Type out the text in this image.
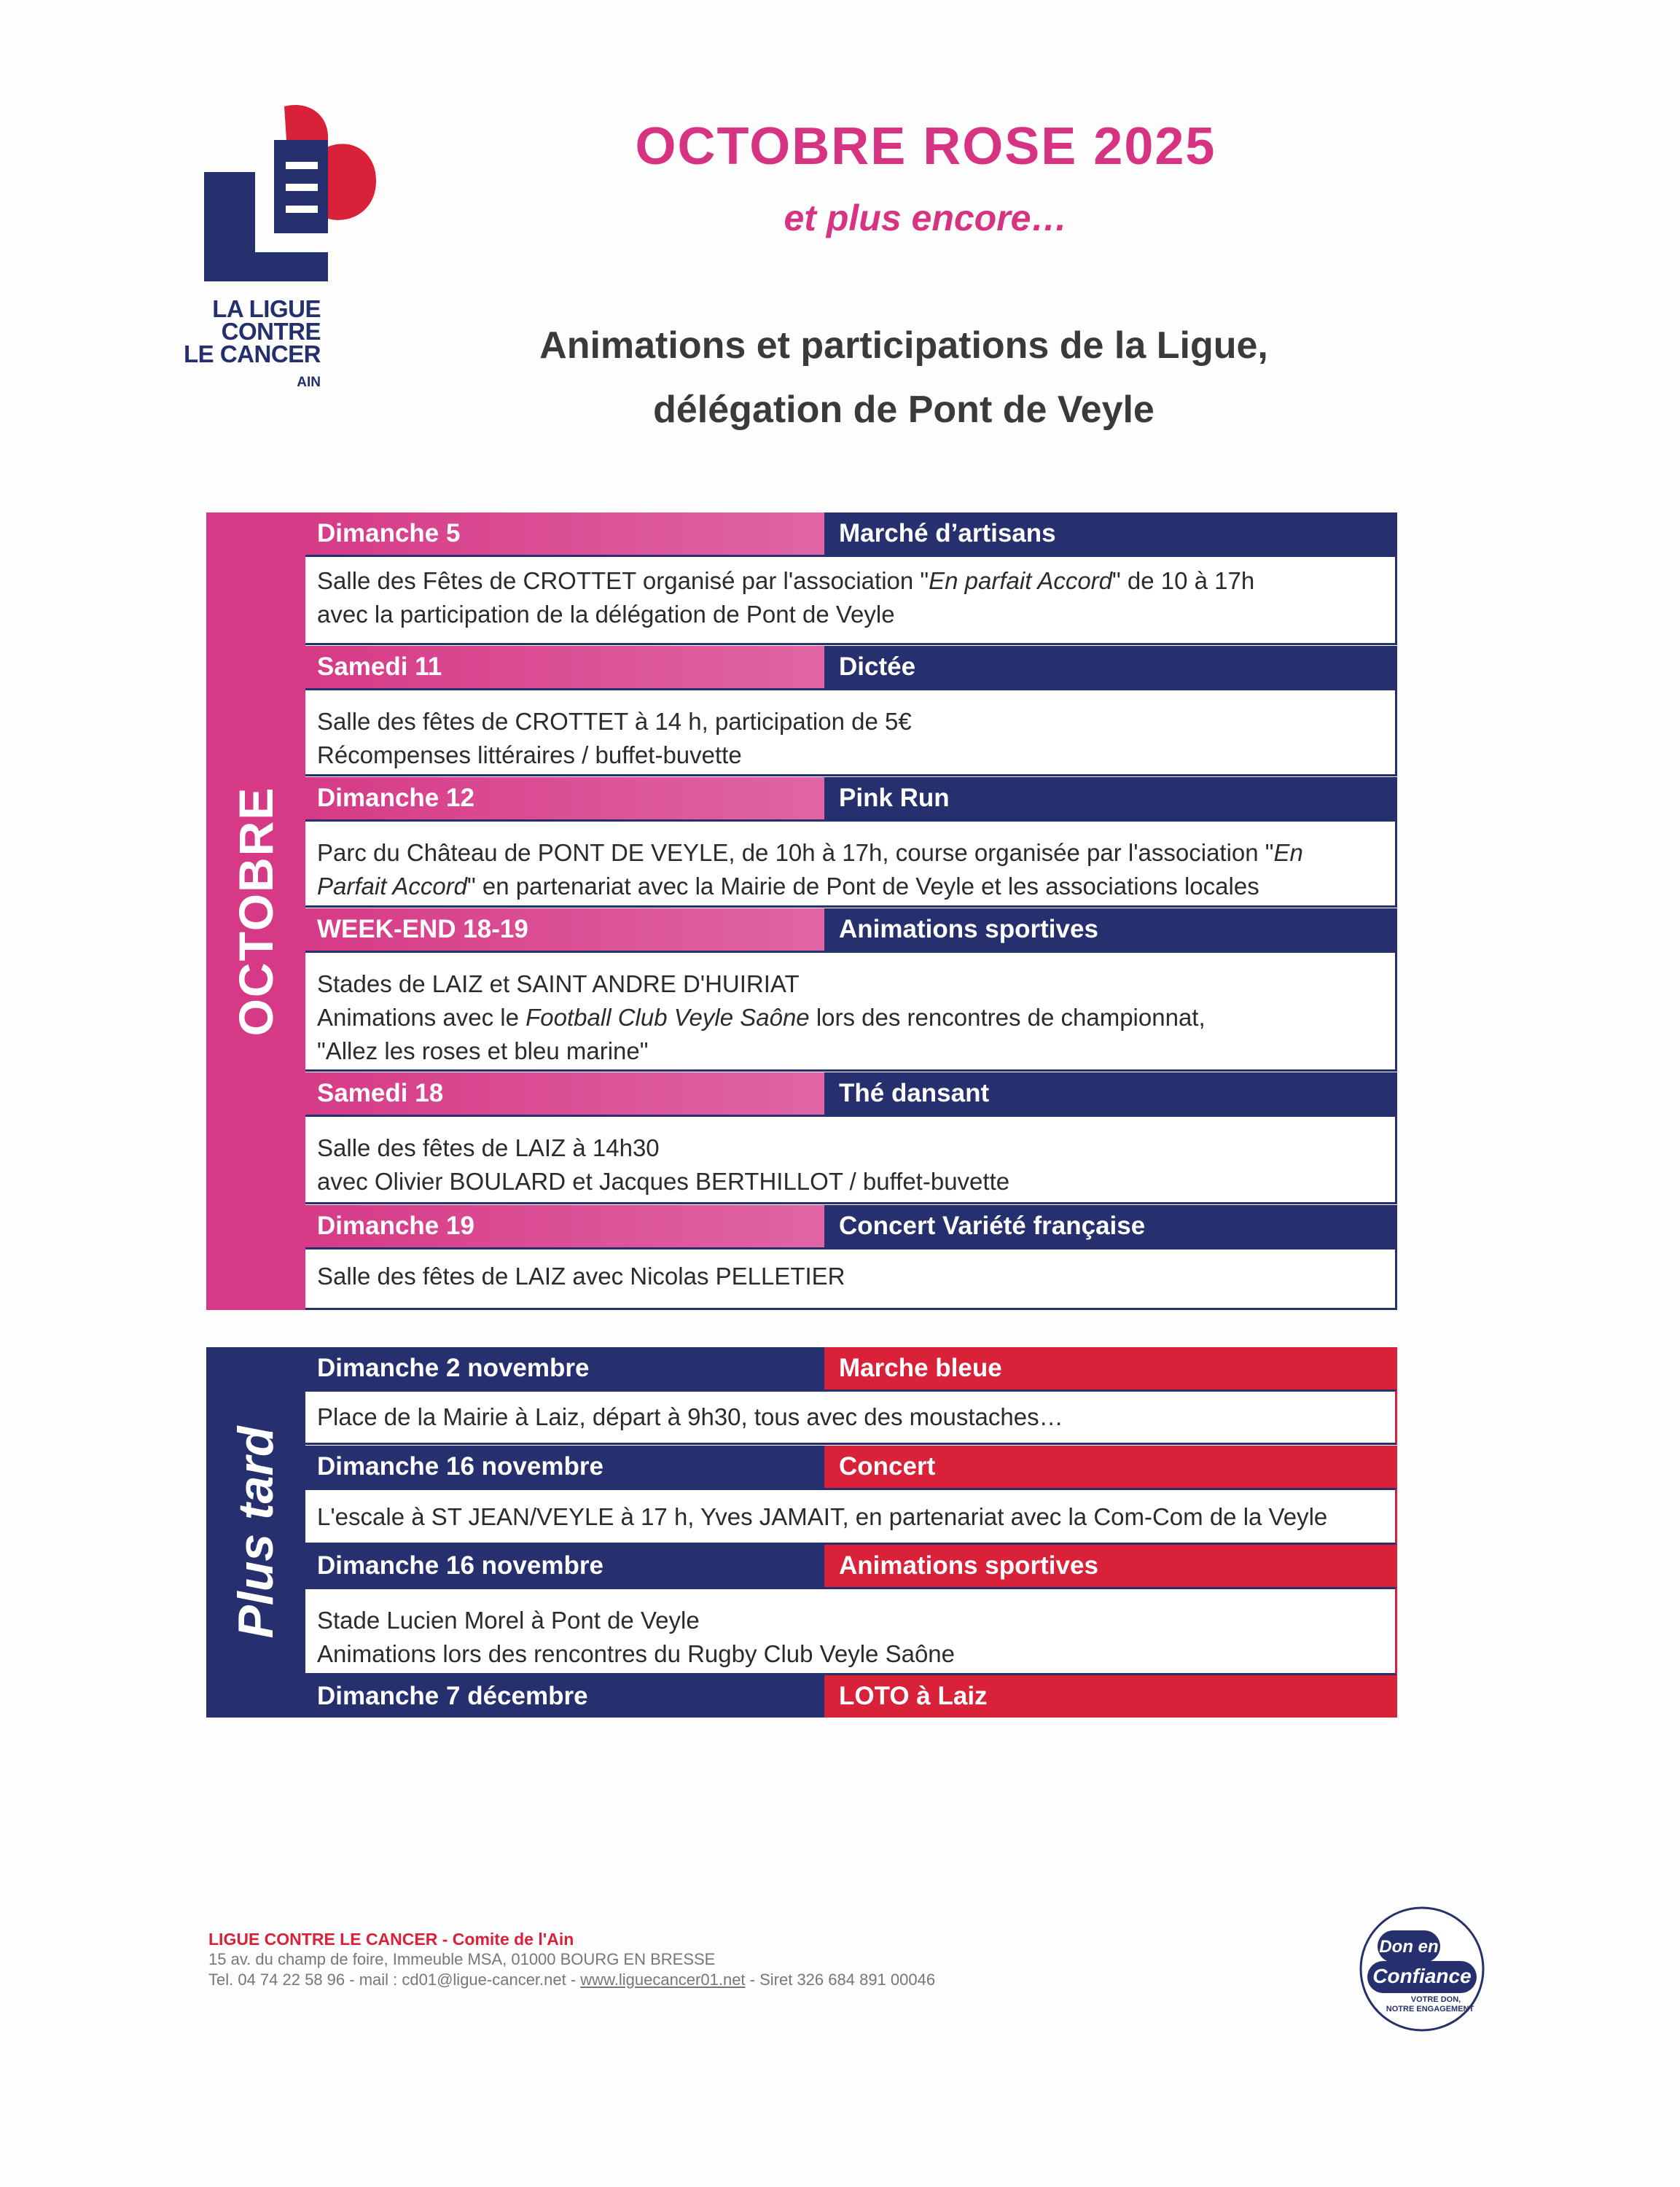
LA LIGUE
CONTRE
LE CANCER
AIN
OCTOBRE ROSE 2025
et plus encore…
Animations et participations de la Ligue,
délégation de Pont de Veyle
OCTOBRE
Dimanche 5	Marché d’artisans
Salle des Fêtes de CROTTET organisé par l'association "En parfait Accord" de 10 à 17h
avec la participation de la délégation de Pont de Veyle
Samedi 11	Dictée
Salle des fêtes de CROTTET à 14 h, participation de 5€
Récompenses littéraires / buffet-buvette
Dimanche 12	Pink Run
Parc du Château de PONT DE VEYLE, de 10h à 17h, course organisée par l'association "En
Parfait Accord" en partenariat avec la Mairie de Pont de Veyle et les associations locales
WEEK-END 18-19	Animations sportives
Stades de LAIZ et SAINT ANDRE D'HUIRIAT
Animations avec le Football Club Veyle Saône lors des rencontres de championnat,
"Allez les roses et bleu marine"
Samedi 18	Thé dansant
Salle des fêtes de LAIZ à 14h30
avec Olivier BOULARD et Jacques BERTHILLOT / buffet-buvette
Dimanche 19	Concert Variété française
Salle des fêtes de LAIZ avec Nicolas PELLETIER
Plus tard
Dimanche 2 novembre	Marche bleue
Place de la Mairie à Laiz, départ à 9h30, tous avec des moustaches…
Dimanche 16 novembre	Concert
L'escale à ST JEAN/VEYLE à 17 h, Yves JAMAIT, en partenariat avec la Com-Com de la Veyle
Dimanche 16 novembre	Animations sportives
Stade Lucien Morel à Pont de Veyle
Animations lors des rencontres du Rugby Club Veyle Saône
Dimanche 7 décembre	LOTO à Laiz
LIGUE CONTRE LE CANCER - Comite de l'Ain
15 av. du champ de foire, Immeuble MSA, 01000 BOURG EN BRESSE
Tel. 04 74 22 58 96 - mail : cd01@ligue-cancer.net - www.liguecancer01.net - Siret 326 684 891 00046
Don en
Confiance
VOTRE DON,
NOTRE ENGAGEMENT
